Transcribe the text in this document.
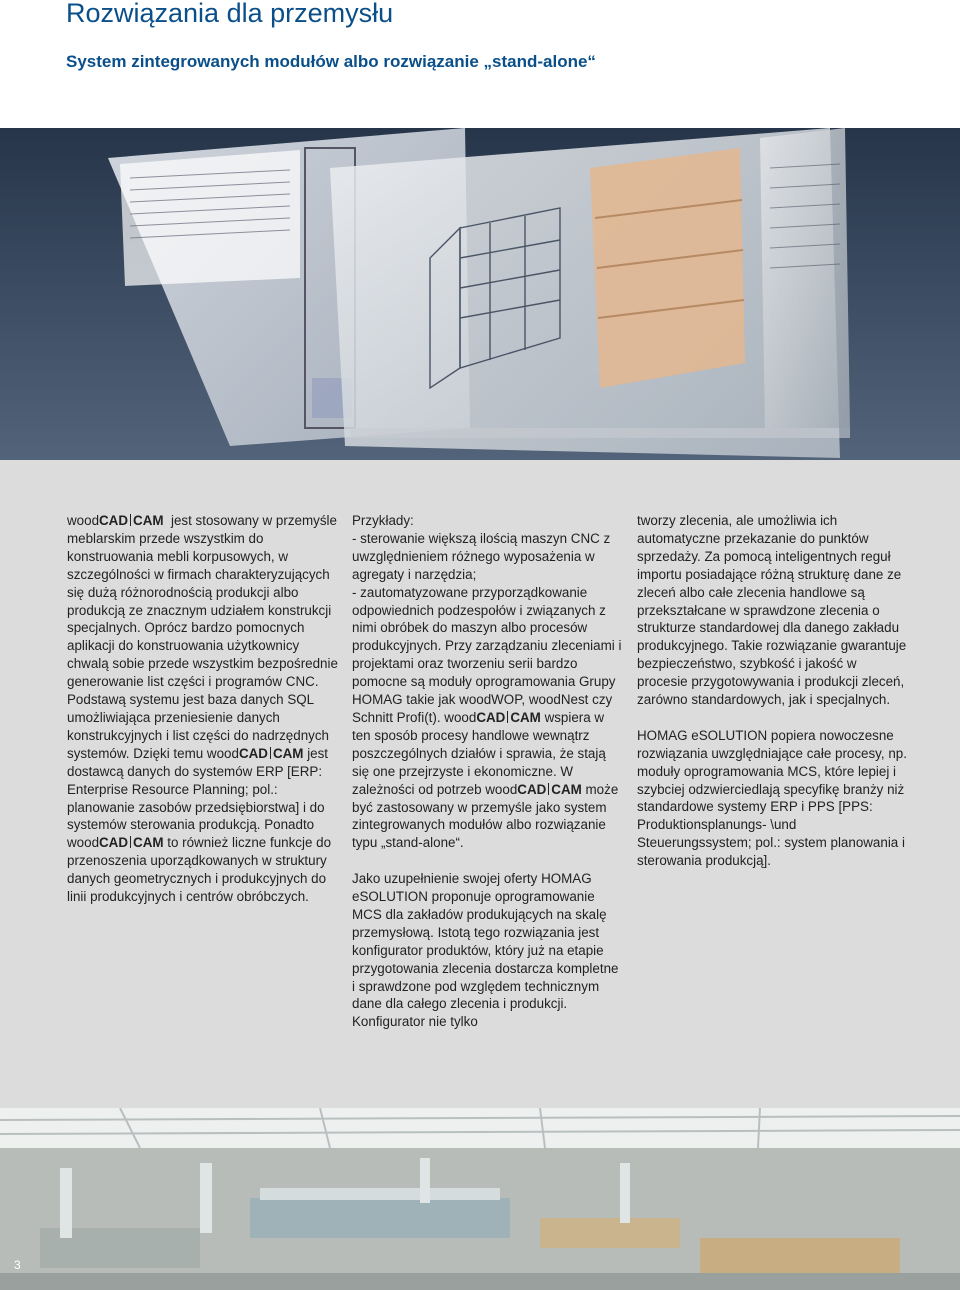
Rozwiązania dla przemysłu
System zintegrowanych modułów albo rozwiązanie „stand-alone“

woodCAD CAM jest stosowany w przemyśle meblarskim przede wszystkim do konstruowania mebli korpusowych, w szczególności w firmach charakteryzujących się dużą różnorodnością produkcji albo produkcją ze znacznym udziałem konstrukcji specjalnych. Oprócz bardzo pomocnych aplikacji do konstruowania użytkownicy chwalą sobie przede wszystkim bezpośrednie generowanie list części i programów CNC. Podstawą systemu jest baza danych SQL umożliwiająca przeniesienie danych konstrukcyjnych i list części do nadrzędnych systemów. Dzięki temu woodCAD CAM jest dostawcą danych do systemów ERP [ERP: Enterprise Resource Planning; pol.: planowanie zasobów przedsiębiorstwa] i do systemów sterowania produkcją. Ponadto woodCAD CAM to również liczne funkcje do przenoszenia uporządkowanych w struktury danych geometrycznych i produkcyjnych do linii produkcyjnych i centrów obróbczych.

Przykłady:
- sterowanie większą ilością maszyn CNC z uwzględnieniem różnego wyposażenia w agregaty i narzędzia;
- zautomatyzowane przyporządkowanie odpowiednich podzespołów i związanych z nimi obróbek do maszyn albo procesów produkcyjnych. Przy zarządzaniu zleceniami i projektami oraz tworzeniu serii bardzo pomocne są moduły oprogramowania Grupy HOMAG takie jak woodWOP, woodNest czy Schnitt Profi(t). woodCAD CAM wspiera w ten sposób procesy handlowe wewnątrz poszczególnych działów i sprawia, że stają się one przejrzyste i ekonomiczne. W zależności od potrzeb woodCAD CAM może być zastosowany w przemyśle jako system zintegrowanych modułów albo rozwiązanie typu „stand-alone“.

Jako uzupełnienie swojej oferty HOMAG eSOLUTION proponuje oprogramowanie MCS dla zakładów produkujących na skalę przemysłową. Istotą tego rozwiązania jest konfigurator produktów, który już na etapie przygotowania zlecenia dostarcza kompletne i sprawdzone pod względem technicznym dane dla całego zlecenia i produkcji. Konfigurator nie tylko

tworzy zlecenia, ale umożliwia ich automatyczne przekazanie do punktów sprzedaży. Za pomocą inteligentnych reguł importu posiadające różną strukturę dane ze zleceń albo całe zlecenia handlowe są przekształcane w sprawdzone zlecenia o strukturze standardowej dla danego zakładu produkcyjnego. Takie rozwiązanie gwarantuje bezpieczeństwo, szybkość i jakość w procesie przygotowywania i produkcji zleceń, zarówno standardowych, jak i specjalnych.

HOMAG eSOLUTION popiera nowoczesne rozwiązania uwzględniające całe procesy, np. moduły oprogramowania MCS, które lepiej i szybciej odzwierciedlają specyfikę branży niż standardowe systemy ERP i PPS [PPS: Produktionsplanungs- \und Steuerungssystem; pol.: system planowania i sterowania produkcją].

3
